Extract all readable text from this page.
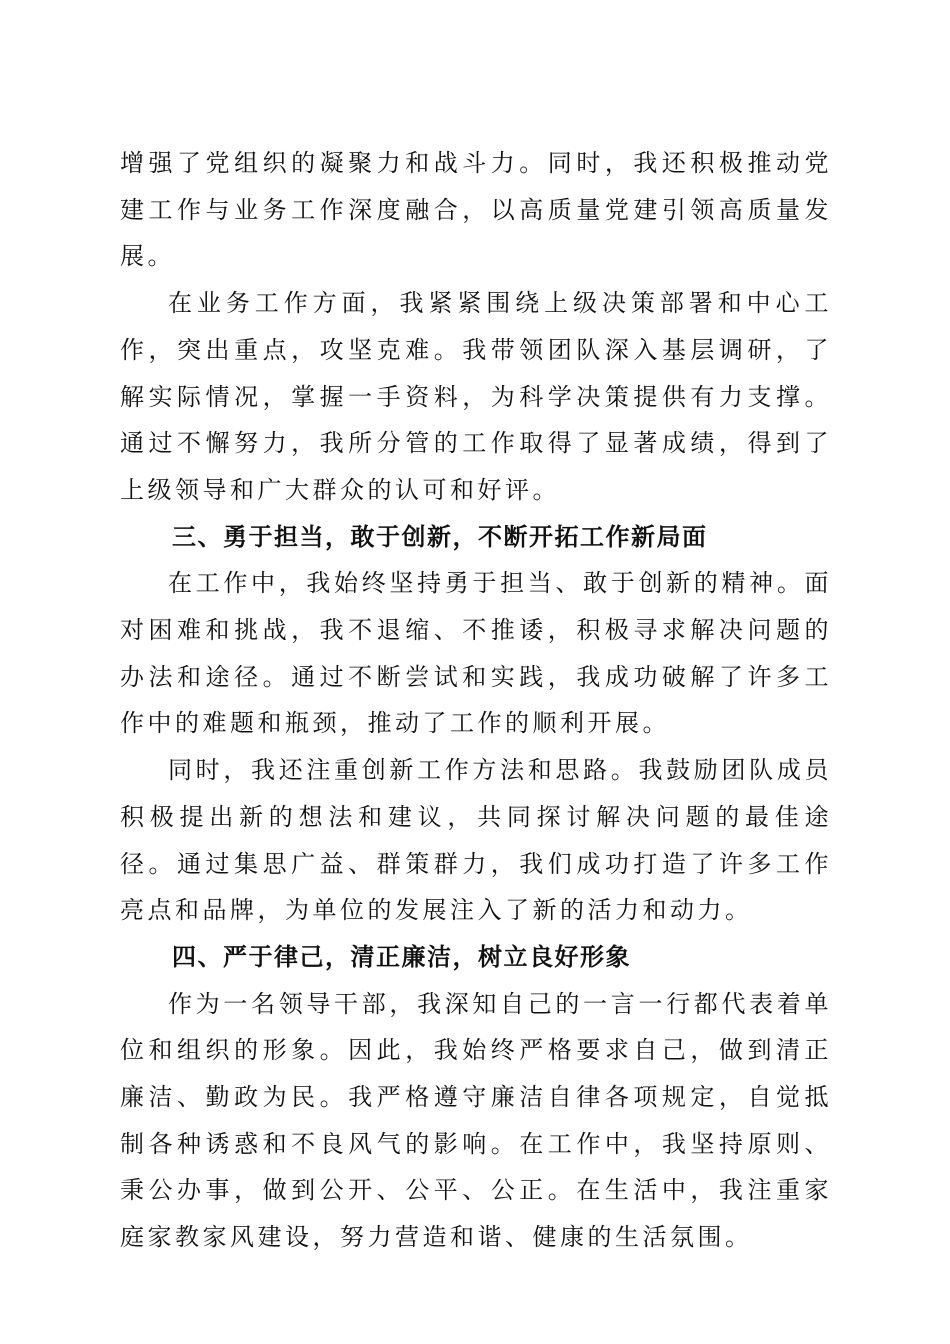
增强了党组织的凝聚力和战斗力。同时，我还积极推动党建工作与业务工作深度融合，以高质量党建引领高质量发展。

在业务工作方面，我紧紧围绕上级决策部署和中心工作，突出重点，攻坚克难。我带领团队深入基层调研，了解实际情况，掌握一手资料，为科学决策提供有力支撑。通过不懈努力，我所分管的工作取得了显著成绩，得到了上级领导和广大群众的认可和好评。

三、勇于担当，敢于创新，不断开拓工作新局面

在工作中，我始终坚持勇于担当、敢于创新的精神。面对困难和挑战，我不退缩、不推诿，积极寻求解决问题的办法和途径。通过不断尝试和实践，我成功破解了许多工作中的难题和瓶颈，推动了工作的顺利开展。

同时，我还注重创新工作方法和思路。我鼓励团队成员积极提出新的想法和建议，共同探讨解决问题的最佳途径。通过集思广益、群策群力，我们成功打造了许多工作亮点和品牌，为单位的发展注入了新的活力和动力。

四、严于律己，清正廉洁，树立良好形象

作为一名领导干部，我深知自己的一言一行都代表着单位和组织的形象。因此，我始终严格要求自己，做到清正廉洁、勤政为民。我严格遵守廉洁自律各项规定，自觉抵制各种诱惑和不良风气的影响。在工作中，我坚持原则、秉公办事，做到公开、公平、公正。在生活中，我注重家庭家教家风建设，努力营造和谐、健康的生活氛围。
